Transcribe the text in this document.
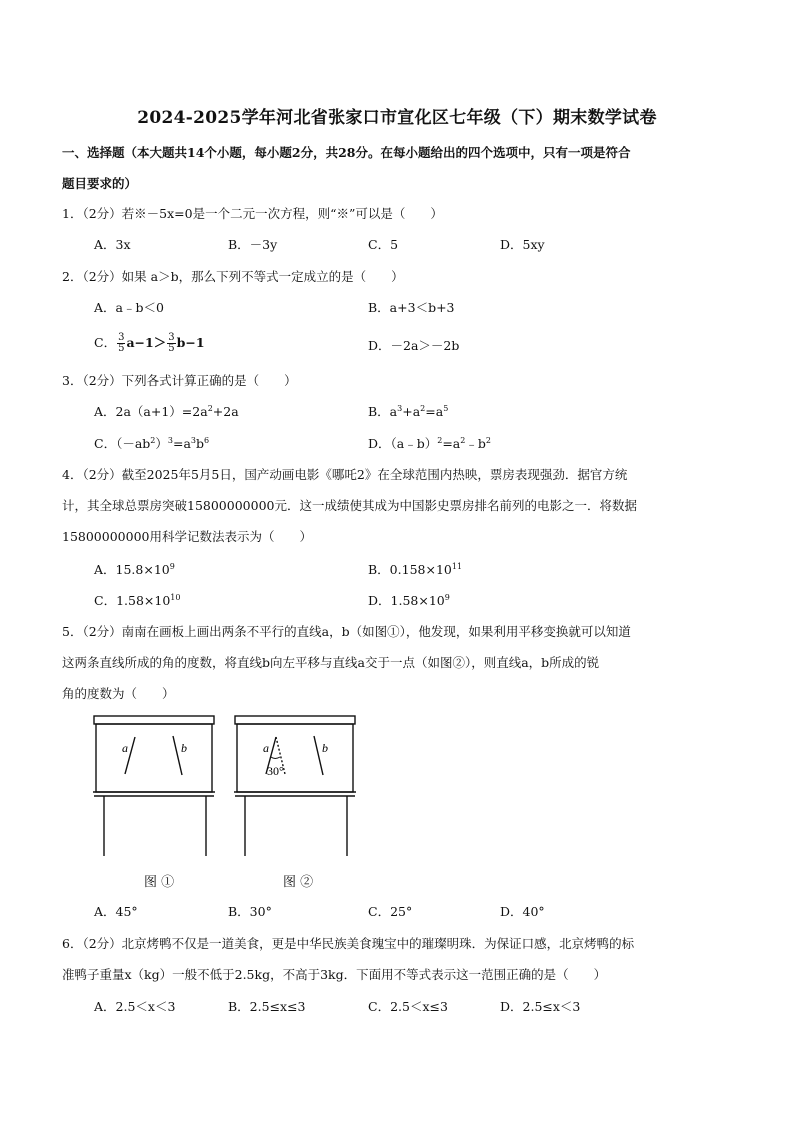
2024-2025学年河北省张家口市宣化区七年级（下）期末数学试卷
一、选择题（本大题共14个小题，每小题2分，共28分。在每小题给出的四个选项中，只有一项是符合
题目要求的）
1．（2分）若※－5x=0是一个二元一次方程，则“※”可以是（　　）
A．3x	B．－3y	C．5	D．5xy
2．（2分）如果 a＞b，那么下列不等式一定成立的是（　　）
A．a﹣b＜0	B．a+3＜b+3
C． $\frac{3}{5} a-1> \frac{3}{5} b-1$	D．－2a＞－2b
3．（2分）下列各式计算正确的是（　　）
A．$2a(a+1)=2a^2+2a$	B．$a^3+a^2=a^5$
C．$(-ab^2)^3=a^3b^6$	D．$(a﹣b)^2=a^2﹣b^2$
4．（2分）截至2025年5月5日，国产动画电影《哪吒2》在全球范围内热映，票房表现强劲．据官方统
计，其全球总票房突破15800000000元．这一成绩使其成为中国影史票房排名前列的电影之一．将数据
15800000000用科学记数法表示为（　　）
A．$15.8\times 10^9$	B．$0.158\times 10^{11}$
C．$1.58\times 10^{10}$	D．$1.58\times 10^9$
5．（2分）南南在画板上画出两条不平行的直线a，b（如图①），他发现，如果利用平移变换就可以知道
这两条直线所成的角的度数，将直线b向左平移与直线a交于一点（如图②），则直线a，b所成的锐
角的度数为（　　）
a	b	a	b
30°
图 ①	图 ②
A．45°	B．30°	C．25°	D．40°
6．（2分）北京烤鸭不仅是一道美食，更是中华民族美食瑰宝中的璀璨明珠．为保证口感，北京烤鸭的标
准鸭子重量x（kg）一般不低于2.5kg，不高于3kg．下面用不等式表示这一范围正确的是（　　）
A．2.5＜x＜3	B．2.5≤x≤3	C．2.5＜x≤3	D．2.5≤x＜3
